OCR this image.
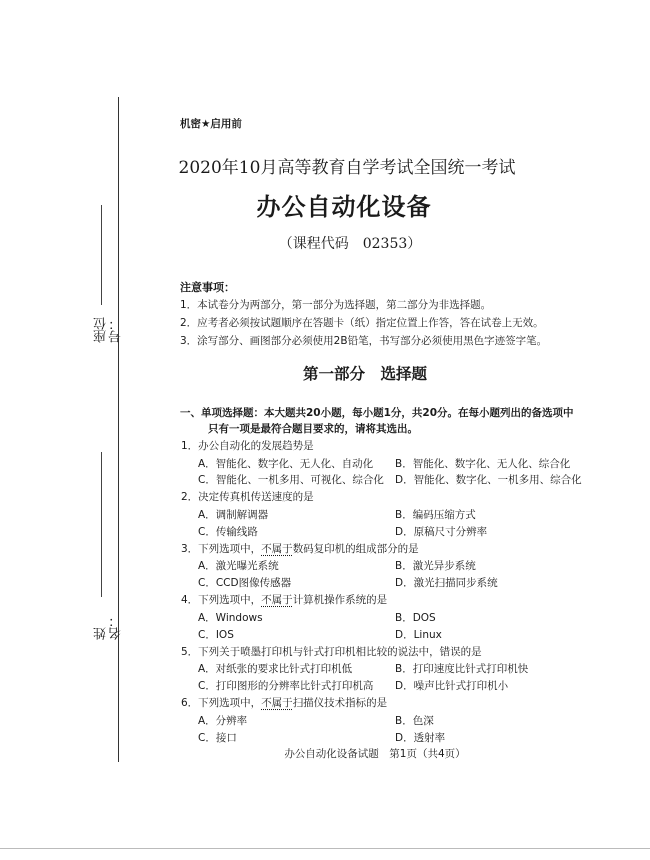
座位号：
姓名：
机密★启用前
2020年10月高等教育自学考试全国统一考试
办公自动化设备
（课程代码　02353）
注意事项：
1．本试卷分为两部分，第一部分为选择题，第二部分为非选择题。
2．应考者必须按试题顺序在答题卡（纸）指定位置上作答，答在试卷上无效。
3．涂写部分、画图部分必须使用2B铅笔，书写部分必须使用黑色字迹签字笔。
第一部分　选择题
一、单项选择题：本大题共20小题，每小题1分，共20分。在每小题列出的备选项中
只有一项是最符合题目要求的，请将其选出。
1．办公自动化的发展趋势是
A．智能化、数字化、无人化、自动化 B．智能化、数字化、无人化、综合化
C．智能化、一机多用、可视化、综合化 D．智能化、数字化、一机多用、综合化
2．决定传真机传送速度的是
A．调制解调器	B．编码压缩方式
C．传输线路	D．原稿尺寸分辨率
3．下列选项中，不属于数码复印机的组成部分的是
A．激光曝光系统	B．激光异步系统
C．CCD图像传感器	D．激光扫描同步系统
4．下列选项中，不属于计算机操作系统的是
A．Windows	B．DOS
C．IOS	D．Linux
5．下列关于喷墨打印机与针式打印机相比较的说法中，错误的是
A．对纸张的要求比针式打印机低	B．打印速度比针式打印机快
C．打印图形的分辨率比针式打印机高 D．噪声比针式打印机小
6．下列选项中，不属于扫描仪技术指标的是
A．分辨率	B．色深
C．接口	D．透射率
办公自动化设备试题　第1页（共4页）
